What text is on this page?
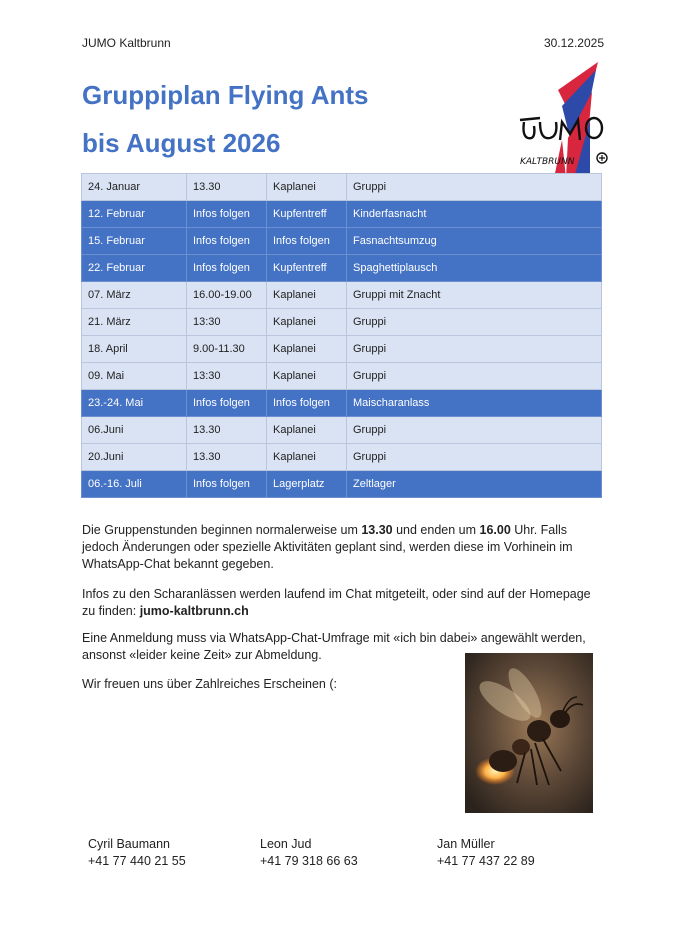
JUMO Kaltbrunn	30.12.2025
Gruppiplan Flying Ants
bis August 2026
KALTBRUNN
JUMO
24. Januar	13.30	Kaplanei	Gruppi
12. Februar	Infos folgen	Kupfentreff	Kinderfasnacht
15. Februar	Infos folgen	Infos folgen	Fasnachtsumzug
22. Februar	Infos folgen	Kupfentreff	Spaghettiplausch
07. März	16.00-19.00	Kaplanei	Gruppi mit Znacht
21. März	13:30	Kaplanei	Gruppi
18. April	9.00-11.30	Kaplanei	Gruppi
09. Mai	13:30	Kaplanei	Gruppi
23.-24. Mai	Infos folgen	Infos folgen	Maischaranlass
06.Juni	13.30	Kaplanei	Gruppi
20.Juni	13.30	Kaplanei	Gruppi
06.-16. Juli	Infos folgen	Lagerplatz	Zeltlager

Die Gruppenstunden beginnen normalerweise um 13.30 und enden um 16.00 Uhr. Falls jedoch Änderungen oder spezielle Aktivitäten geplant sind, werden diese im Vorhinein im WhatsApp-Chat bekannt gegeben.

Infos zu den Scharanlässen werden laufend im Chat mitgeteilt, oder sind auf der Homepage zu finden: jumo-kaltbrunn.ch

Eine Anmeldung muss via WhatsApp-Chat-Umfrage mit «ich bin dabei» angewählt werden, ansonst «leider keine Zeit» zur Abmeldung.

Wir freuen uns über Zahlreiches Erscheinen (:

Cyril Baumann
+41 77 440 21 55
Leon Jud
+41 79 318 66 63
Jan Müller
+41 77 437 22 89
